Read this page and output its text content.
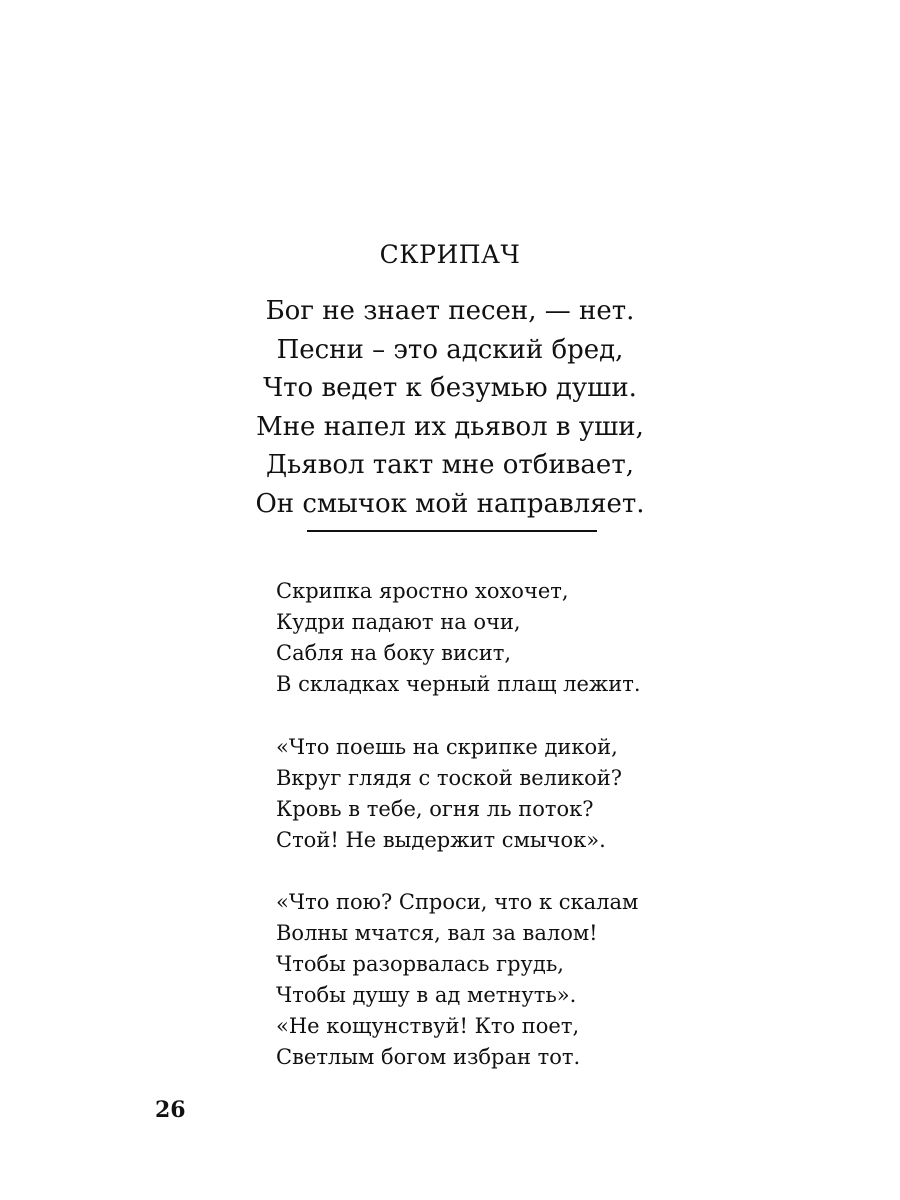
СКРИПАЧ
Бог не знает песен, — нет.
Песни – это адский бред,
Что ведет к безумью души.
Мне напел их дьявол в уши,
Дьявол такт мне отбивает,
Он смычок мой направляет.
Скрипка яростно хохочет,
Кудри падают на очи,
Сабля на боку висит,
В складках черный плащ лежит.
«Что поешь на скрипке дикой,
Вкруг глядя с тоской великой?
Кровь в тебе, огня ль поток?
Стой! Не выдержит смычок».
«Что пою? Спроси, что к скалам
Волны мчатся, вал за валом!
Чтобы разорвалась грудь,
Чтобы душу в ад метнуть».
«Не кощунствуй! Кто поет,
Светлым богом избран тот.
26
